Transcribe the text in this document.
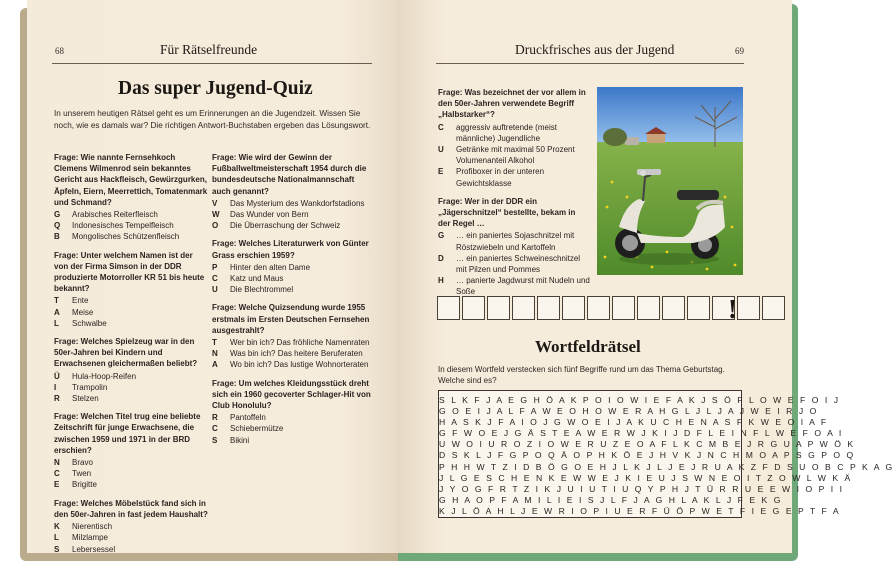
68	Für Rätselfreunde
Das super Jugend-Quiz
In unserem heutigen Rätsel geht es um Erinnerungen an die Jugendzeit. Wissen Sie noch, wie es damals war? Die richtigen Antwort-Buchstaben ergeben das Lösungswort.
Frage: Wie nannte Fernsehkoch Clemens Wilmenrod sein bekanntes Gericht aus Hackfleisch, Gewürzgurken, Äpfeln, Eiern, Meerrettich, Tomatenmark und Schmand?
G	Arabisches Reiterfleisch
Q	Indonesisches Tempelfleisch
B	Mongolisches Schützenfleisch
Frage: Unter welchem Namen ist der von der Firma Simson in der DDR produzierte Motorroller KR 51 bis heute bekannt?
T	Ente
A	Meise
L	Schwalbe
Frage: Welches Spielzeug war in den 50er-Jahren bei Kindern und Erwachsenen gleichermaßen beliebt?
Ü	Hula-Hoop-Reifen
I	Trampolin
R	Stelzen
Frage: Welchen Titel trug eine beliebte Zeitschrift für junge Erwachsene, die zwischen 1959 und 1971 in der BRD erschien?
N	Bravo
C	Twen
E	Brigitte
Frage: Welches Möbelstück fand sich in den 50er-Jahren in fast jedem Haushalt?
K	Nierentisch
L	Milzlampe
S	Lebersessel
Frage: Wie wird der Gewinn der Fußballweltmeisterschaft 1954 durch die bundesdeutsche Nationalmannschaft auch genannt?
V	Das Mysterium des Wankdorfstadions
W	Das Wunder von Bern
O	Die Überraschung der Schweiz
Frage: Welches Literaturwerk von Günter Grass erschien 1959?
P	Hinter den alten Dame
C	Katz und Maus
U	Die Blechtrommel
Frage: Welche Quizsendung wurde 1955 erstmals im Ersten Deutschen Fernsehen ausgestrahlt?
T	Wer bin ich? Das fröhliche Namenraten
N	Was bin ich? Das heitere Beruferaten
A	Wo bin ich? Das lustige Wohnorteraten
Frage: Um welches Kleidungsstück dreht sich ein 1960 gecoverter Schlager-Hit von Club Honolulu?
R	Pantoffeln
C	Schiebermütze
S	Bikini
Druckfrisches aus der Jugend	69
Frage: Was bezeichnet der vor allem in den 50er-Jahren verwendete Begriff „Halbstarker“?
C	aggressiv auftretende (meist männliche) Jugendliche
U	Getränke mit maximal 50 Prozent Volumenanteil Alkohol
E	Profiboxer in der unteren Gewichtsklasse
Frage: Wer in der DDR ein „Jägerschnitzel“ bestellte, bekam in der Regel …
G	… ein paniertes Sojaschnitzel mit Röstzwiebeln und Kartoffeln
D	… ein paniertes Schweineschnitzel mit Pilzen und Pommes
H	… panierte Jagdwurst mit Nudeln und Soße
!
Wortfeldrätsel
In diesem Wortfeld verstecken sich fünf Begriffe rund um das Thema Geburtstag. Welche sind es?
S L K F J A E G H Ö A K P O I O W I E F A K J S Ö F L O W E F O I J
G O E I J A L F A W E O H O W E R A H G L J L J A J W E I R J O
H A S K J F A I O J G W O E I J A K U C H E N A S F K W E O I A F
G F W O E J G Ä S T E A W E R W J K I J D F L E I N F L W E F O A I
U W O I U R O Z I O W E R U Z E O A F L K C M B E J R G U A P W Ö K
D S K L J F G P O Q Ä O P H K Ö E J H V K J N C H M O A P S G P O Q
P H H W T Z I D B Ö G O E H J L K J L J E J R U A K Z F D S U O B C P K A G
J L G E S C H E N K E W W E J K I E U J S W N E O I T Z O W L W K Ä
J Y O G F R T Z I K J U I U T I U Q Y P H J T Ü R R U E E W I O P I I
G H A O P F A M I L I E I S J L F J A G H L A K L J F E K G
K J L Ö A H L J E W R I O P I U E R F Ü Ö P W E T F I E G E P T F A
